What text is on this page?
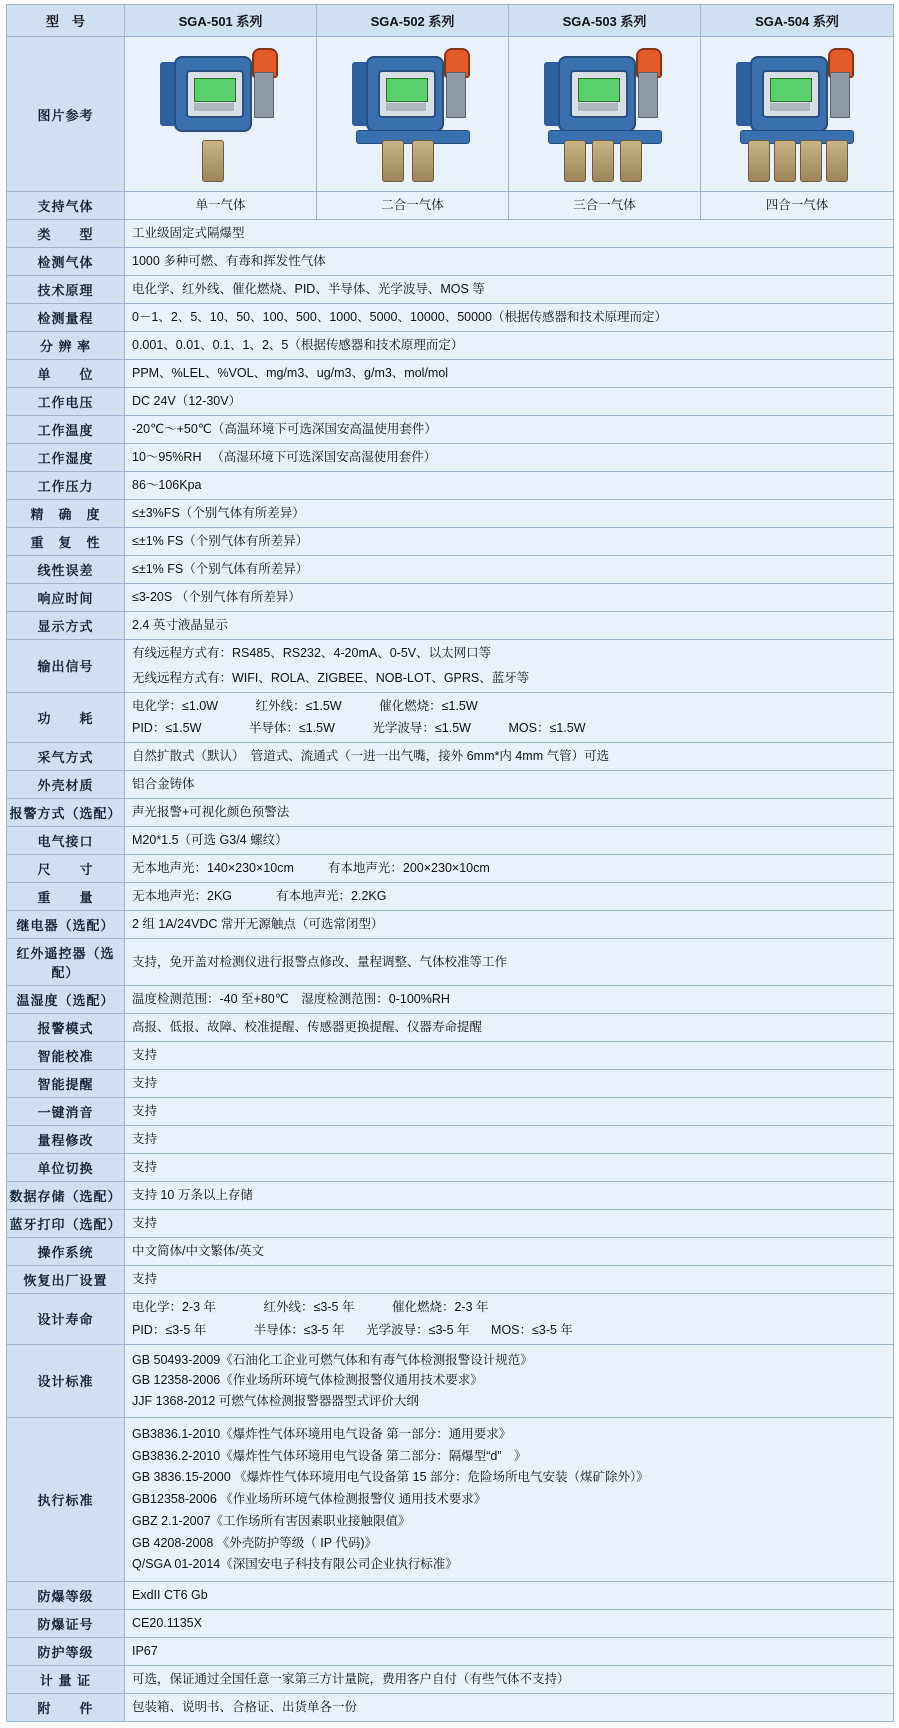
型　号	SGA-501 系列	SGA-502 系列	SGA-503 系列	SGA-504 系列
图片参考	

支持气体	单一气体	二合一气体	三合一气体	四合一气体
类　　型	工业级固定式隔爆型			
检测气体	1000 多种可燃、有毒和挥发性气体			
技术原理	电化学、红外线、催化燃烧、PID、半导体、光学波导、MOS 等			
检测量程	0－1、2、5、10、50、100、500、1000、5000、10000、50000（根据传感器和技术原理而定）			
分 辨 率	0.001、0.01、0.1、1、2、5（根据传感器和技术原理而定）			
单　　位	PPM、%LEL、%VOL、mg/m3、ug/m3、g/m3、mol/mol			
工作电压	DC 24V（12-30V）			
工作温度	-20℃～+50℃（高温环境下可选深国安高温使用套件）			
工作湿度	10～95%RH 　（高湿环境下可选深国安高湿使用套件）			
工作压力	86～106Kpa			
精　确　度	≤±3%FS（个别气体有所差异）			
重　复　性	≤±1% FS（个别气体有所差异）			
线性误差	≤±1% FS（个别气体有所差异）			
响应时间	≤3-20S （个别气体有所差异）			
显示方式	2.4 英寸液晶显示			
输出信号	有线远程方式有：RS485、RS232、4-20mA、0-5V、以太网口等
无线远程方式有：WIFI、ROLA、ZIGBEE、NOB-LOT、GPRS、蓝牙等			

功　　耗	电化学：≤1.0W 红外线：≤1.5W 催化燃烧：≤1.5W
PID：≤1.5W 半导体：≤1.5W 光学波导：≤1.5W MOS：≤1.5W			

采气方式	自然扩散式（默认）　管道式、流通式（一进一出气嘴，接外 6mm*内 4mm 气管）可选			
外壳材质	铝合金铸体			
报警方式（选配）	声光报警+可视化颜色预警法			
电气接口	M20*1.5（可选 G3/4 螺纹）			
尺　　寸	无本地声光：140×230×10cm 有本地声光：200×230×10cm			
重　　量	无本地声光：2KG 有本地声光：2.2KG			
继电器（选配）	2 组 1A/24VDC 常开无源触点（可选常闭型）			
红外遥控器（选配）	支持，免开盖对检测仪进行报警点修改、量程调整、气体校准等工作			
温湿度（选配）	温度检测范围：-40 至+80℃　湿度检测范围：0-100%RH			
报警模式	高报、低报、故障、校准提醒、传感器更换提醒、仪器寿命提醒			
智能校准	支持			
智能提醒	支持			
一键消音	支持			
量程修改	支持			
单位切换	支持			
数据存储（选配）	支持 10 万条以上存储			
蓝牙打印（选配）	支持			
操作系统	中文简体/中文繁体/英文			
恢复出厂设置	支持			
设计寿命	电化学：2-3 年 红外线：≤3-5 年 催化燃烧：2-3 年
PID：≤3-5 年 半导体：≤3-5 年 光学波导：≤3-5 年 MOS：≤3-5 年			

设计标准	GB 50493-2009《石油化工企业可燃气体和有毒气体检测报警设计规范》
GB 12358-2006《作业场所环境气体检测报警仪通用技术要求》
JJF 1368-2012 可燃气体检测报警器器型式评价大纲			

执行标准	
GB3836.1-2010《爆炸性气体环境用电气设备 第一部分：通用要求》
GB3836.2-2010《爆炸性气体环境用电气设备 第二部分：隔爆型“d”　》
GB 3836.15-2000 《爆炸性气体环境用电气设备第 15 部分：危险场所电气安装（煤矿除外）》
GB12358-2006 《作业场所环境气体检测报警仪 通用技术要求》
GBZ 2.1-2007《工作场所有害因素职业接触限值》
GB 4208-2008 《外壳防护等级（ IP 代码)》
Q/SGA 01-2014《深国安电子科技有限公司企业执行标准》

防爆等级	ExdII CT6 Gb			
防爆证号	CE20.1135X			
防护等级	IP67			
计 量 证	可选，保证通过全国任意一家第三方计量院，费用客户自付（有些气体不支持）			
附　　件	包装箱、说明书、合格证、出货单各一份			
